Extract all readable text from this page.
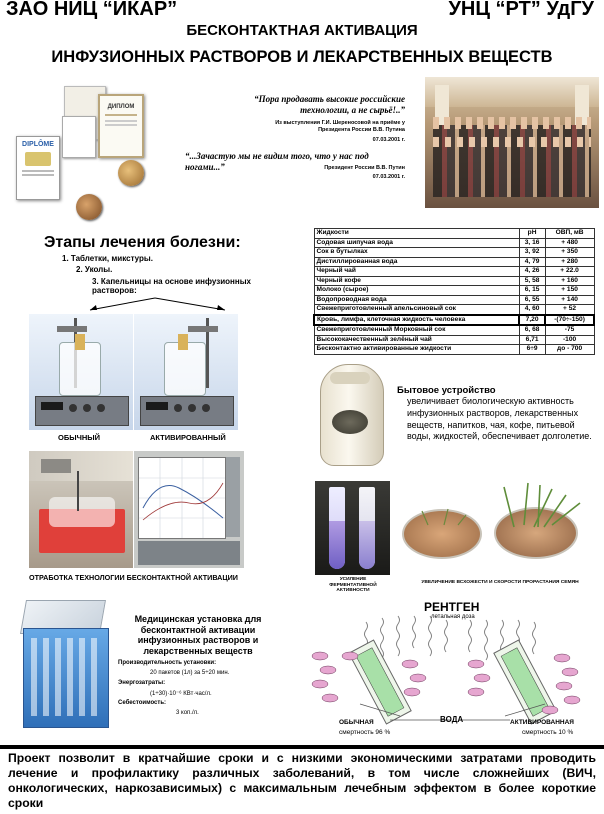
ЗАО НИЦ “ИКАР”	УНЦ “РТ” УдГУ
БЕСКОНТАКТНАЯ АКТИВАЦИЯ
ИНФУЗИОННЫХ РАСТВОРОВ И ЛЕКАРСТВЕННЫХ ВЕЩЕСТВ
ДИПЛОМ
DIPLÔME
“Пора продавать высокие российские технологии, а не сырьё!..”
Из выступления Г.И. Шереносовой на приёме у Президента России В.В. Путина
07.03.2001 г.
“...Зачастую мы не видим того, что у нас под ногами...”	Президент России В.В. Путин
07.03.2001 г.
Этапы лечения болезни:
1. Таблетки, микстуры.
2. Уколы.
3. Капельницы на основе инфузионных растворов:
ОБЫЧНЫЙ	АКТИВИРОВАННЫЙ
ОТРАБОТКА ТЕХНОЛОГИИ БЕСКОНТАКТНОЙ АКТИВАЦИИ
Жидкости	pH	ОВП, мВ
Содовая шипучая вода	3, 16	+ 480
Сок в бутылках	3, 92	+ 350
Дистиллированная вода	4, 79	+ 280
Черный чай	4, 26	+ 22.0
Черный кофе	5, 58	+ 160
Молоко (сырое)	6, 15	+ 150
Водопроводная вода	6, 55	+ 140
Свежеприготовленный апельсиновый сок	4, 60	+ 52
Кровь, лимфа, клеточная жидкость человека	7,20	-(70÷-150)
Свежеприготовленный Морковный сок	6, 68	-75
Высококачественный зелёный чай	6,71	-100
Бесконтактно активированные жидкости	6÷9	до - 700
Бытовое устройство
увеличивает биологическую активность инфузионных растворов, лекарственных веществ, напитков, чая, кофе, питьевой воды, жидкостей, обеспечивает долголетие.
УСИЛЕНИЕ ФЕРМЕНТАТИВНОЙ АКТИВНОСТИ
УВЕЛИЧЕНИЕ ВСХОЖЕСТИ И СКОРОСТИ ПРОРАСТАНИЯ СЕМЯН
Медицинская установка для бесконтактной активации инфузионных растворов и лекарственных веществ
Производительность установки:
20 пакетов (1л) за 5÷20 мин.
Энергозатраты:
(1÷30)·10⁻⁶ КВт·час/л.
Себестоимость:
3 коп./л.
РЕНТГЕН
летальная доза
ВОДА
ОБЫЧНАЯ
смертность 96 %
АКТИВИРОВАННАЯ
смертность 10 %

Проект позволит в кратчайшие сроки и с низкими экономическими затратами проводить лечение и профилактику различных заболеваний, в том числе сложнейших (ВИЧ, онкологических, наркозависимых) с максимальным лечебным эффектом в более короткие сроки
